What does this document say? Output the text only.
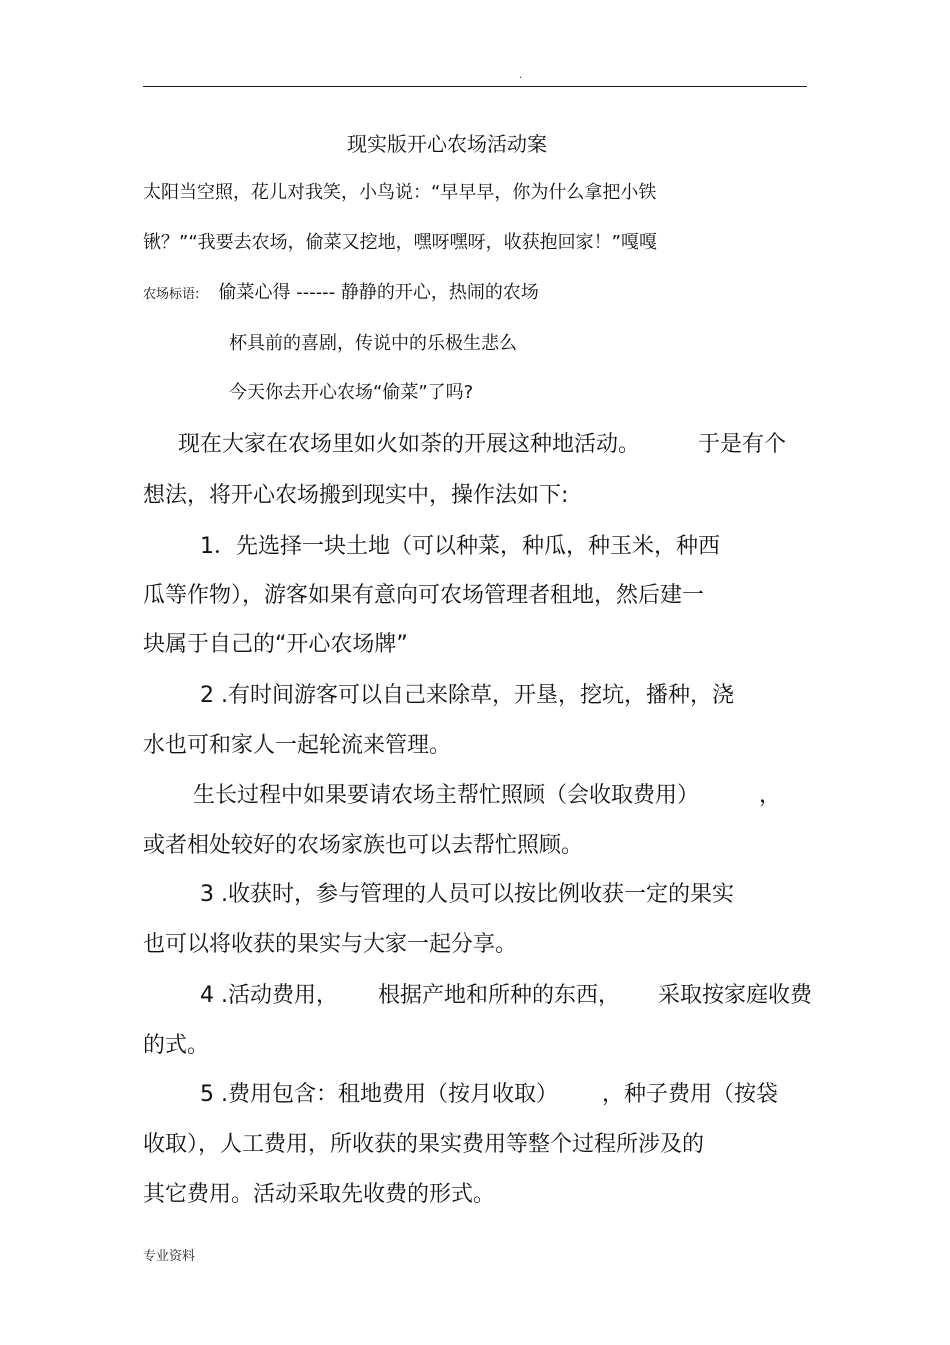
.
现实版开心农场活动案
太阳当空照，花儿对我笑，小鸟说：“早早早，你为什么拿把小铁
锹？”“我要去农场，偷菜又挖地，嘿呀嘿呀，收获抱回家！”嘎嘎
农场标语: 偷菜心得 ------ 静静的开心，热闹的农场
杯具前的喜剧，传说中的乐极生悲么
今天你去开心农场“偷菜”了吗?
现在大家在农场里如火如荼的开展这种地活动。	于是有个
想法，将开心农场搬到现实中，操作法如下:
1．先选择一块土地（可以种菜，种瓜，种玉米，种西
瓜等作物），游客如果有意向可农场管理者租地，然后建一
块属于自己的“开心农场牌”
2 .有时间游客可以自己来除草，开垦，挖坑，播种，浇
水也可和家人一起轮流来管理。
生长过程中如果要请农场主帮忙照顾（会收取费用）	，
或者相处较好的农场家族也可以去帮忙照顾。
3 .收获时，参与管理的人员可以按比例收获一定的果实
也可以将收获的果实与大家一起分享。
4 .活动费用， 根据产地和所种的东西， 采取按家庭收费
的式。
5 .费用包含：租地费用（按月收取） ，种子费用（按袋
收取），人工费用，所收获的果实费用等整个过程所涉及的
其它费用。活动采取先收费的形式。
专业资料
